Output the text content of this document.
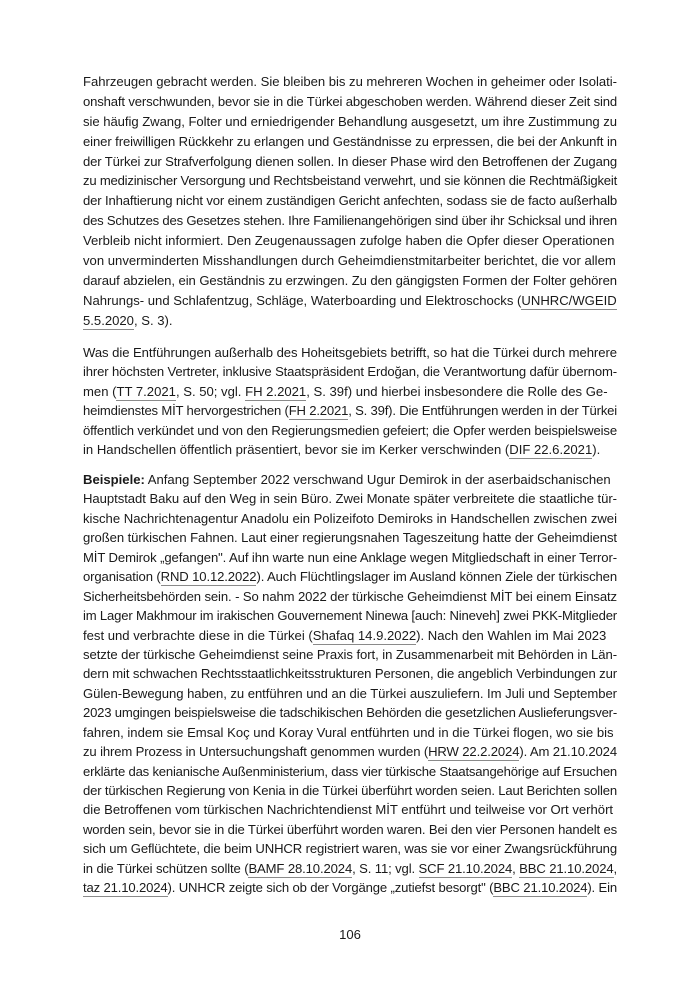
Fahrzeugen gebracht werden. Sie bleiben bis zu mehreren Wochen in geheimer oder Isolati-
onshaft verschwunden, bevor sie in die Türkei abgeschoben werden. Während dieser Zeit sind
sie häufig Zwang, Folter und erniedrigender Behandlung ausgesetzt, um ihre Zustimmung zu
einer freiwilligen Rückkehr zu erlangen und Geständnisse zu erpressen, die bei der Ankunft in
der Türkei zur Strafverfolgung dienen sollen. In dieser Phase wird den Betroffenen der Zugang
zu medizinischer Versorgung und Rechtsbeistand verwehrt, und sie können die Rechtmäßigkeit
der Inhaftierung nicht vor einem zuständigen Gericht anfechten, sodass sie de facto außerhalb
des Schutzes des Gesetzes stehen. Ihre Familienangehörigen sind über ihr Schicksal und ihren
Verbleib nicht informiert. Den Zeugenaussagen zufolge haben die Opfer dieser Operationen
von unverminderten Misshandlungen durch Geheimdienstmitarbeiter berichtet, die vor allem
darauf abzielen, ein Geständnis zu erzwingen. Zu den gängigsten Formen der Folter gehören
Nahrungs- und Schlafentzug, Schläge, Waterboarding und Elektroschocks (UNHRC/WGEID
5.5.2020, S. 3).
Was die Entführungen außerhalb des Hoheitsgebiets betrifft, so hat die Türkei durch mehrere
ihrer höchsten Vertreter, inklusive Staatspräsident Erdoğan, die Verantwortung dafür übernom-
men (TT 7.2021, S. 50; vgl. FH 2.2021, S. 39f) und hierbei insbesondere die Rolle des Ge-
heimdienstes MİT hervorgestrichen (FH 2.2021, S. 39f). Die Entführungen werden in der Türkei
öffentlich verkündet und von den Regierungsmedien gefeiert; die Opfer werden beispielsweise
in Handschellen öffentlich präsentiert, bevor sie im Kerker verschwinden (DIF 22.6.2021).
Beispiele: Anfang September 2022 verschwand Ugur Demirok in der aserbaidschanischen
Hauptstadt Baku auf den Weg in sein Büro. Zwei Monate später verbreitete die staatliche tür-
kische Nachrichtenagentur Anadolu ein Polizeifoto Demiroks in Handschellen zwischen zwei
großen türkischen Fahnen. Laut einer regierungsnahen Tageszeitung hatte der Geheimdienst
MİT Demirok „gefangen". Auf ihn warte nun eine Anklage wegen Mitgliedschaft in einer Terror-
organisation (RND 10.12.2022). Auch Flüchtlingslager im Ausland können Ziele der türkischen
Sicherheitsbehörden sein. - So nahm 2022 der türkische Geheimdienst MİT bei einem Einsatz
im Lager Makhmour im irakischen Gouvernement Ninewa [auch: Nineveh] zwei PKK-Mitglieder
fest und verbrachte diese in die Türkei (Shafaq 14.9.2022). Nach den Wahlen im Mai 2023
setzte der türkische Geheimdienst seine Praxis fort, in Zusammenarbeit mit Behörden in Län-
dern mit schwachen Rechtsstaatlichkeitsstrukturen Personen, die angeblich Verbindungen zur
Gülen-Bewegung haben, zu entführen und an die Türkei auszuliefern. Im Juli und September
2023 umgingen beispielsweise die tadschikischen Behörden die gesetzlichen Auslieferungsver-
fahren, indem sie Emsal Koç und Koray Vural entführten und in die Türkei flogen, wo sie bis
zu ihrem Prozess in Untersuchungshaft genommen wurden (HRW 22.2.2024). Am 21.10.2024
erklärte das kenianische Außenministerium, dass vier türkische Staatsangehörige auf Ersuchen
der türkischen Regierung von Kenia in die Türkei überführt worden seien. Laut Berichten sollen
die Betroffenen vom türkischen Nachrichtendienst MİT entführt und teilweise vor Ort verhört
worden sein, bevor sie in die Türkei überführt worden waren. Bei den vier Personen handelt es
sich um Geflüchtete, die beim UNHCR registriert waren, was sie vor einer Zwangsrückführung
in die Türkei schützen sollte (BAMF 28.10.2024, S. 11; vgl. SCF 21.10.2024, BBC 21.10.2024,
taz 21.10.2024). UNHCR zeigte sich ob der Vorgänge „zutiefst besorgt" (BBC 21.10.2024). Ein
106
